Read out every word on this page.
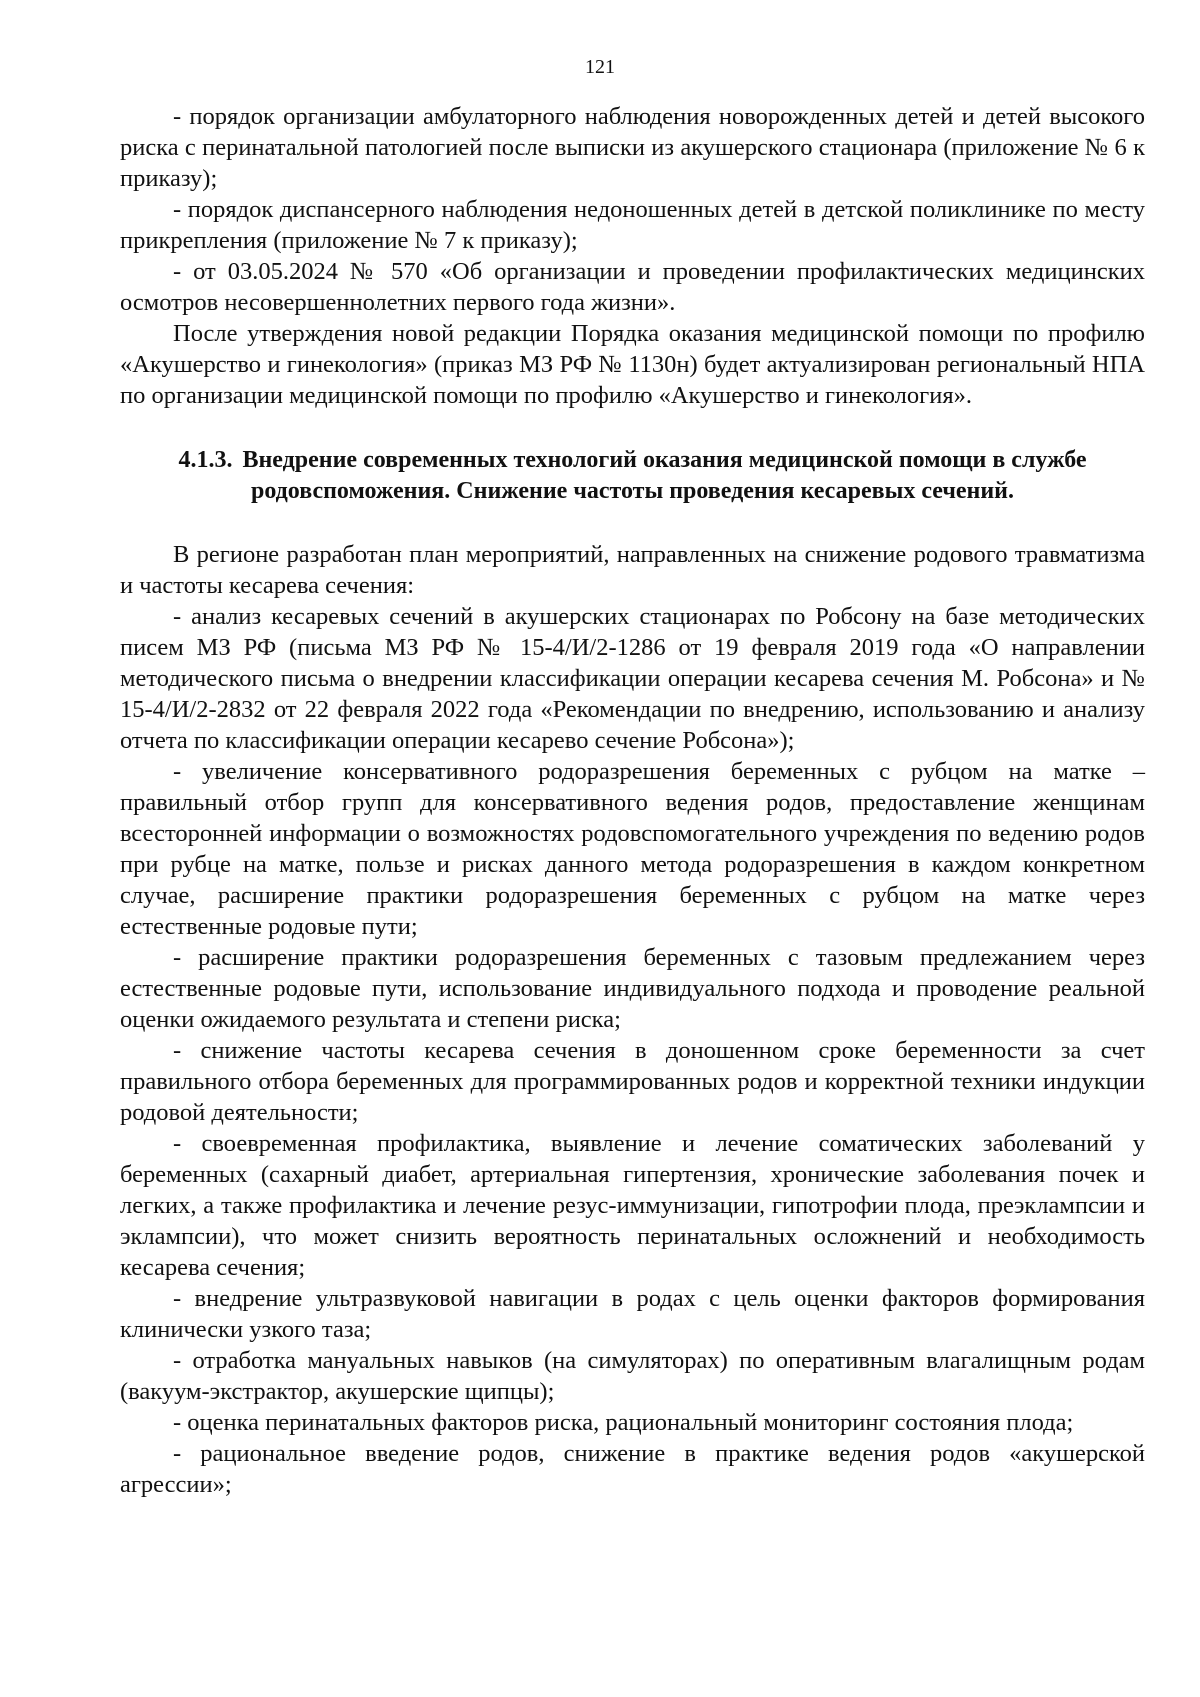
121

- порядок организации амбулаторного наблюдения новорожденных детей и детей высокого риска с перинатальной патологией после выписки из акушерского стационара (приложение № 6 к приказу);

- порядок диспансерного наблюдения недоношенных детей в детской поликлинике по месту прикрепления (приложение № 7 к приказу);

- от 03.05.2024 № 570 «Об организации и проведении профилактических медицинских осмотров несовершеннолетних первого года жизни».

После утверждения новой редакции Порядка оказания медицинской помощи по профилю «Акушерство и гинекология» (приказ МЗ РФ № 1130н) будет актуализирован региональный НПА по организации медицинской помощи по профилю «Акушерство и гинекология».

4.1.3. Внедрение современных технологий оказания медицинской помощи в службе родовспоможения. Снижение частоты проведения кесаревых сечений.

В регионе разработан план мероприятий, направленных на снижение родового травматизма и частоты кесарева сечения:

- анализ кесаревых сечений в акушерских стационарах по Робсону на базе методических писем МЗ РФ (письма МЗ РФ № 15-4/И/2-1286 от 19 февраля 2019 года «О направлении методического письма о внедрении классификации операции кесарева сечения М. Робсона» и № 15-4/И/2-2832 от 22 февраля 2022 года «Рекомендации по внедрению, использованию и анализу отчета по классификации операции кесарево сечение Робсона»);

- увеличение консервативного родоразрешения беременных с рубцом на матке – правильный отбор групп для консервативного ведения родов, предоставление женщинам всесторонней информации о возможностях родовспомогательного учреждения по ведению родов при рубце на матке, пользе и рисках данного метода родоразрешения в каждом конкретном случае, расширение практики родоразрешения беременных с рубцом на матке через естественные родовые пути;

- расширение практики родоразрешения беременных с тазовым предлежанием через естественные родовые пути, использование индивидуального подхода и проводение реальной оценки ожидаемого результата и степени риска;

- снижение частоты кесарева сечения в доношенном сроке беременности за счет правильного отбора беременных для программированных родов и корректной техники индукции родовой деятельности;

- своевременная профилактика, выявление и лечение соматических заболеваний у беременных (сахарный диабет, артериальная гипертензия, хронические заболевания почек и легких, а также профилактика и лечение резус-иммунизации, гипотрофии плода, преэклампсии и эклампсии), что может снизить вероятность перинатальных осложнений и необходимость кесарева сечения;

- внедрение ультразвуковой навигации в родах с цель оценки факторов формирования клинически узкого таза;

- отработка мануальных навыков (на симуляторах) по оперативным влагалищным родам (вакуум-экстрактор, акушерские щипцы);

- оценка перинатальных факторов риска, рациональный мониторинг состояния плода;

- рациональное введение родов, снижение в практике ведения родов «акушерской агрессии»;
